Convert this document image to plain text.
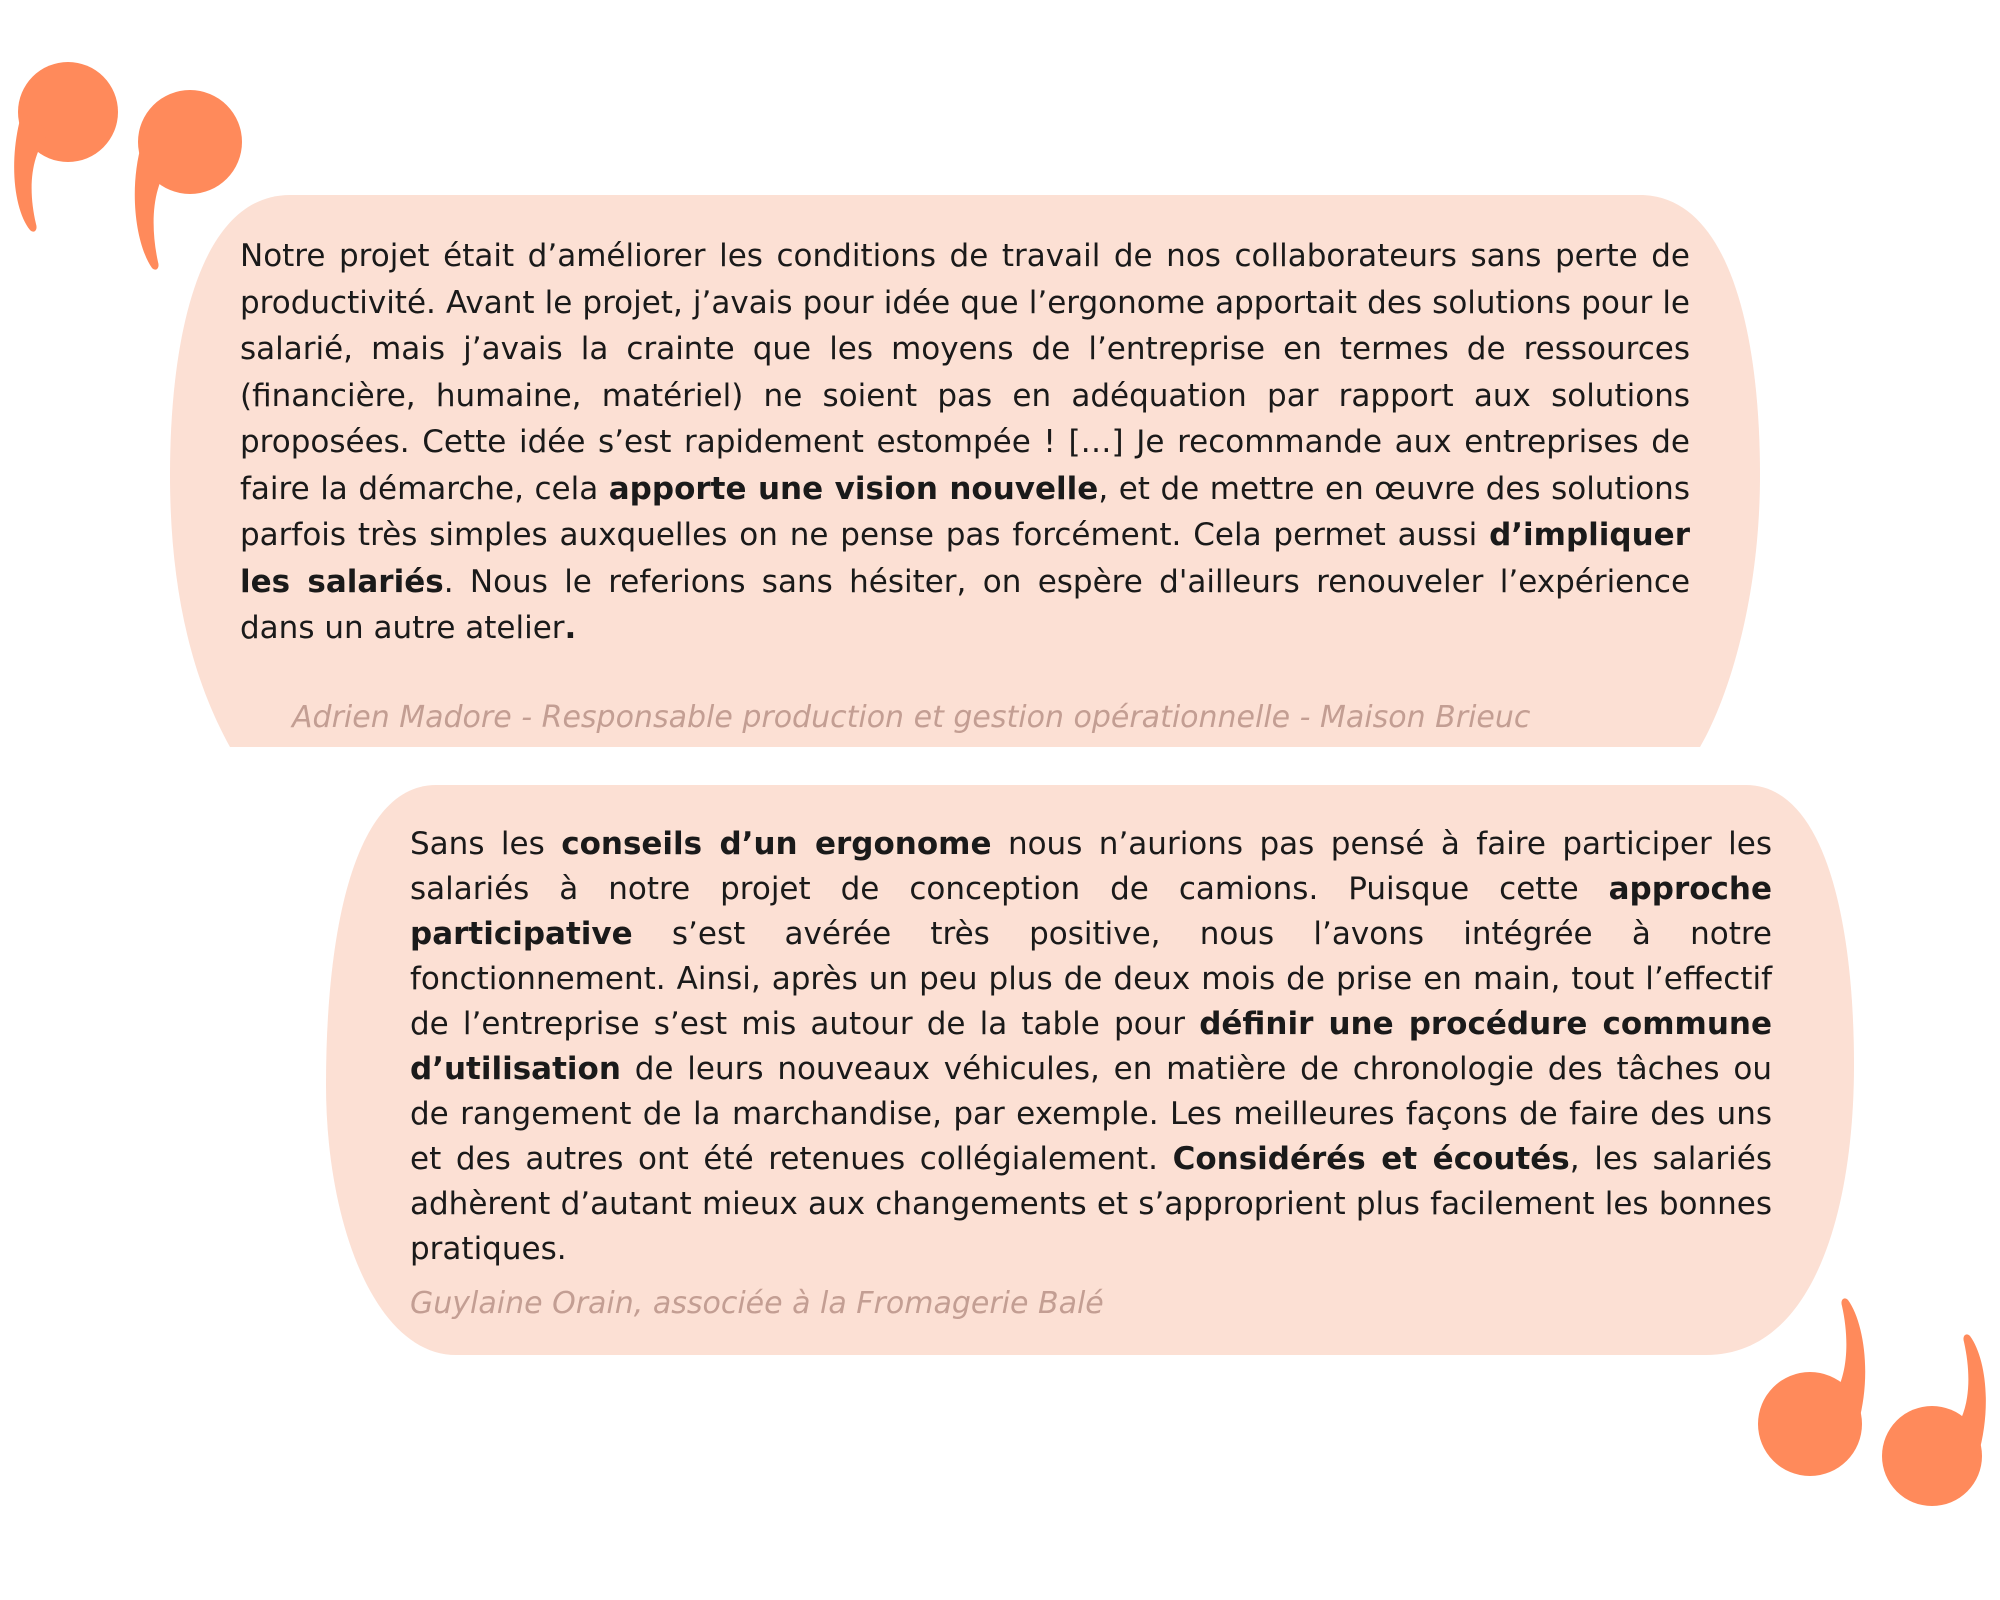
Notre projet était d’améliorer les conditions de travail de nos collaborateurs sans perte de productivité. Avant le projet, j’avais pour idée que l’ergonome apportait des solutions pour le salarié, mais j’avais la crainte que les moyens de l’entreprise en termes de ressources (financière, humaine, matériel) ne soient pas en adéquation par rapport aux solutions proposées. Cette idée s’est rapidement estompée ! […] Je recommande aux entreprises de faire la démarche, cela apporte une vision nouvelle, et de mettre en œuvre des solutions parfois très simples auxquelles on ne pense pas forcément. Cela permet aussi d’impliquer les salariés. Nous le referions sans hésiter, on espère d'ailleurs renouveler l’expérience dans un autre atelier.
Adrien Madore - Responsable production et gestion opérationnelle - Maison Brieuc
Sans les conseils d’un ergonome nous n’aurions pas pensé à faire participer les salariés à notre projet de conception de camions. Puisque cette approche participative s’est avérée très positive, nous l’avons intégrée à notre fonctionnement. Ainsi, après un peu plus de deux mois de prise en main, tout l’effectif de l’entreprise s’est mis autour de la table pour définir une procédure commune d’utilisation de leurs nouveaux véhicules, en matière de chronologie des tâches ou de rangement de la marchandise, par exemple. Les meilleures façons de faire des uns et des autres ont été retenues collégialement. Considérés et écoutés, les salariés adhèrent d’autant mieux aux changements et s’approprient plus facilement les bonnes pratiques.
Guylaine Orain, associée à la Fromagerie Balé
